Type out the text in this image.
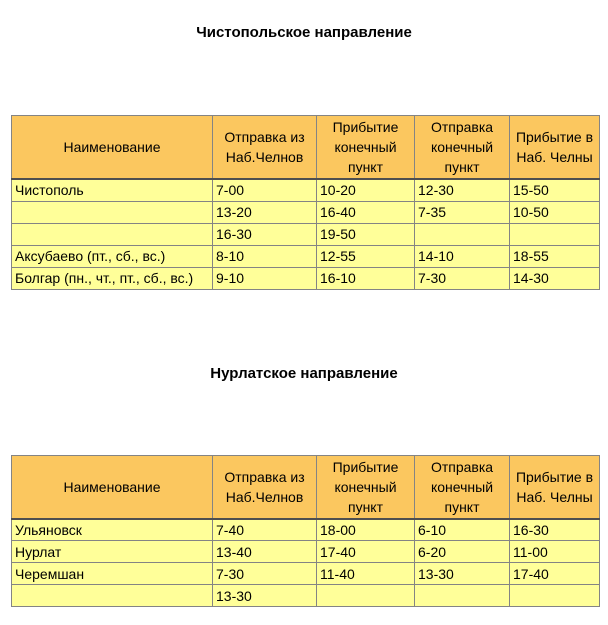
Чистопольское направление
Наименование	Отправка из Наб.Челнов	Прибытие конечный пункт	Отправка конечный пункт	Прибытие в Наб. Челны
Чистополь	7-00	10-20	12-30	15-50
	13-20	16-40	7-35	10-50
	16-30	19-50		
Аксубаево (пт., сб., вс.)	8-10	12-55	14-10	18-55
Болгар (пн., чт., пт., сб., вс.)	9-10	16-10	7-30	14-30
Нурлатское направление
Наименование	Отправка из Наб.Челнов	Прибытие конечный пункт	Отправка конечный пункт	Прибытие в Наб. Челны
Ульяновск	7-40	18-00	6-10	16-30
Нурлат	13-40	17-40	6-20	11-00
Черемшан	7-30	11-40	13-30	17-40
	13-30			
